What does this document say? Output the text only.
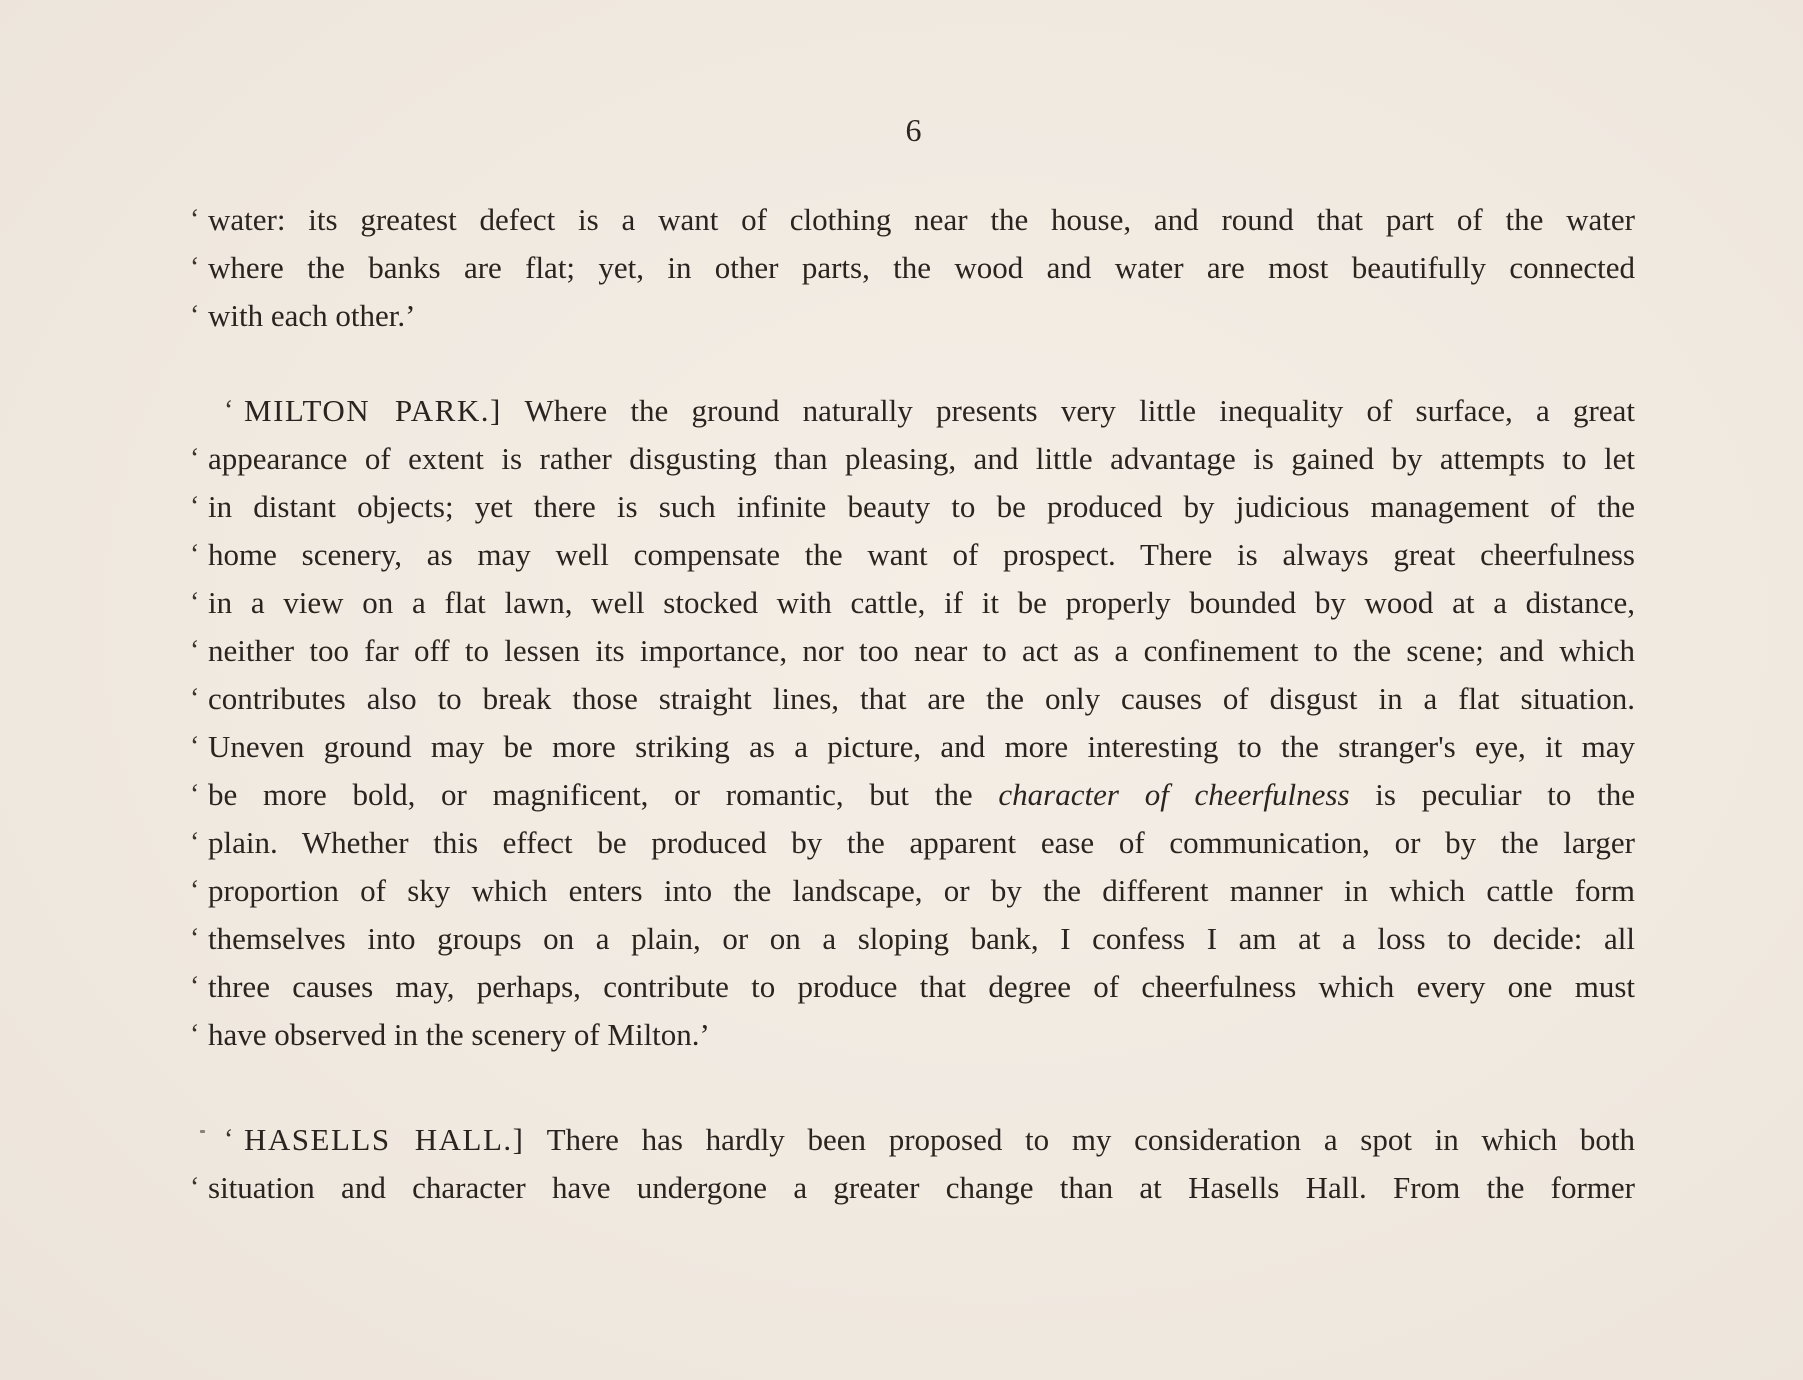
6
‘ water: its greatest defect is a want of clothing near the house, and round that part of the water
‘ where the banks are flat; yet, in other parts, the wood and water are most beautifully connected
‘ with each other.’
‘ MILTON PARK.] Where the ground naturally presents very little inequality of surface, a great
‘ appearance of extent is rather disgusting than pleasing, and little advantage is gained by attempts to let
‘ in distant objects; yet there is such infinite beauty to be produced by judicious management of the
‘ home scenery, as may well compensate the want of prospect. There is always great cheerfulness
‘ in a view on a flat lawn, well stocked with cattle, if it be properly bounded by wood at a distance,
‘ neither too far off to lessen its importance, nor too near to act as a confinement to the scene; and which
‘ contributes also to break those straight lines, that are the only causes of disgust in a flat situation.
‘ Uneven ground may be more striking as a picture, and more interesting to the stranger's eye, it may
‘ be more bold, or magnificent, or romantic, but the character of cheerfulness is peculiar to the
‘ plain. Whether this effect be produced by the apparent ease of communication, or by the larger
‘ proportion of sky which enters into the landscape, or by the different manner in which cattle form
‘ themselves into groups on a plain, or on a sloping bank, I confess I am at a loss to decide: all
‘ three causes may, perhaps, contribute to produce that degree of cheerfulness which every one must
‘ have observed in the scenery of Milton.’
‘ HASELLS HALL.] There has hardly been proposed to my consideration a spot in which both
‘ situation and character have undergone a greater change than at Hasells Hall. From the former
